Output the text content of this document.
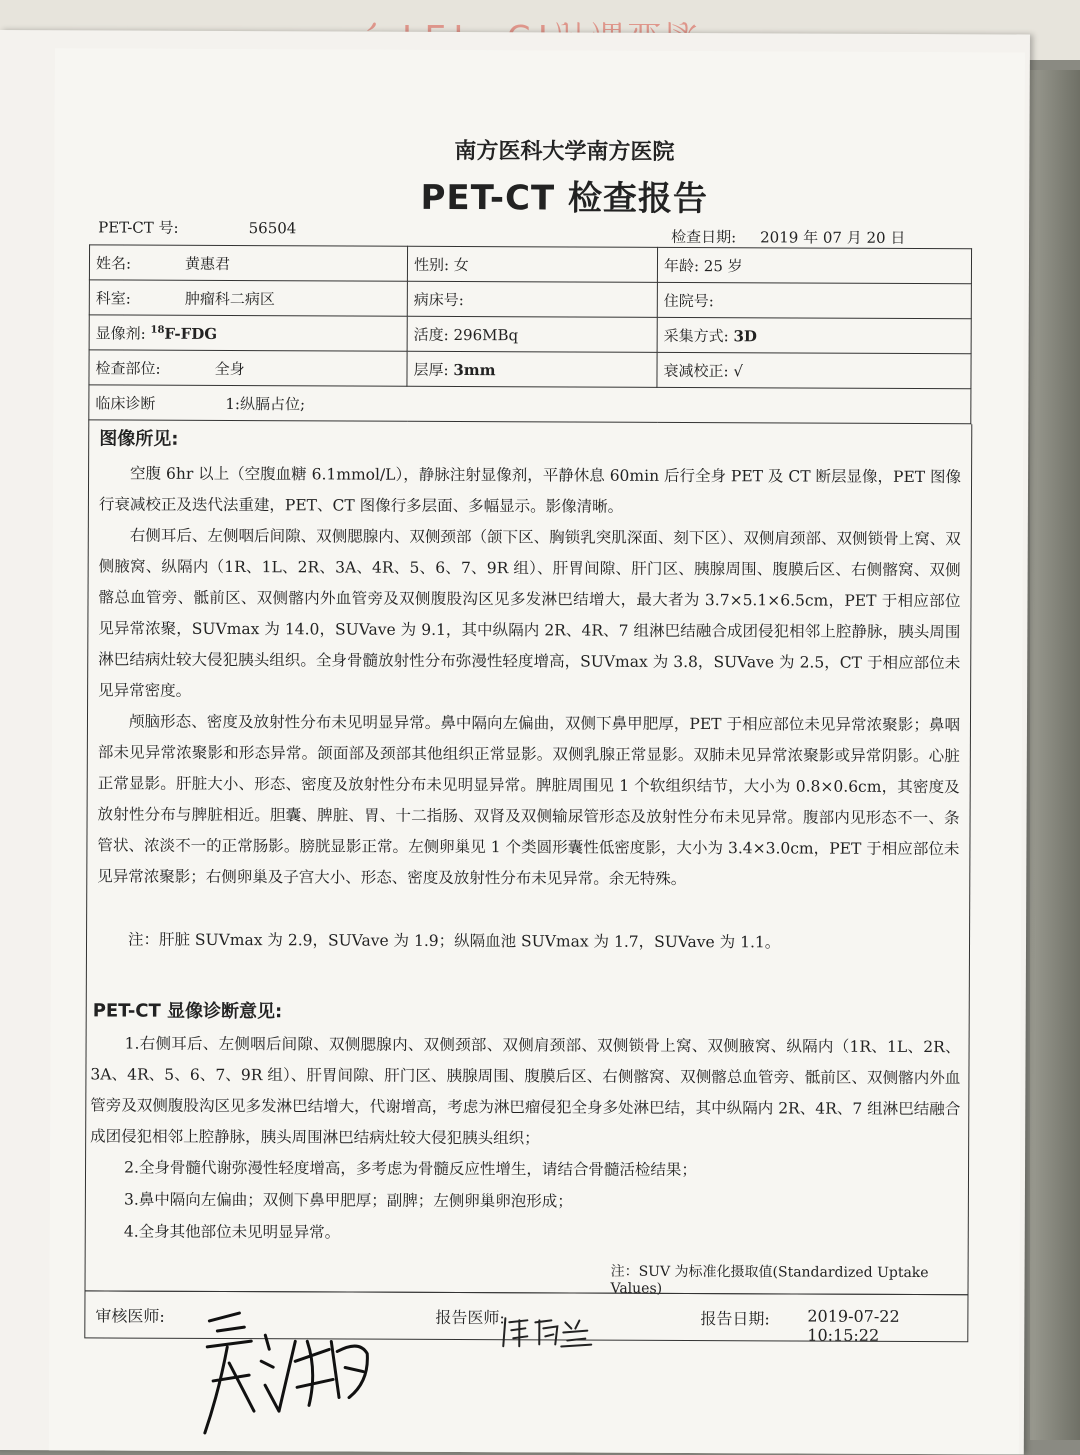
南方医科大学南方医院
PET-CT 检查报告
PET-CT 号:	56504	检查日期: 2019 年 07 月 20 日
姓名: 黄惠君	性别: 女	年龄: 25 岁
科室: 肿瘤科二病区	病床号:	住院号:
显像剂: $^{18}$F-FDG	活度: 296MBq	采集方式: 3D
检查部位: 全身	层厚: 3mm	衰减校正: √
临床诊断 1:纵膈占位;		
图像所见:

空腹 6hr 以上（空腹血糖 6.1mmol/L），静脉注射显像剂，平静休息 60min 后行全身 PET 及 CT 断层显像，PET 图像行衰减校正及迭代法重建，PET、CT 图像行多层面、多幅显示。影像清晰。

右侧耳后、左侧咽后间隙、双侧腮腺内、双侧颈部（颌下区、胸锁乳突肌深面、刻下区）、双侧肩颈部、双侧锁骨上窝、双侧腋窝、纵隔内（1R、1L、2R、3A、4R、5、6、7、9R 组）、肝胃间隙、肝门区、胰腺周围、腹膜后区、右侧髂窝、双侧髂总血管旁、骶前区、双侧髂内外血管旁及双侧腹股沟区见多发淋巴结增大，最大者为 3.7×5.1×6.5cm，PET 于相应部位见异常浓聚，SUVmax 为 14.0，SUVave 为 9.1，其中纵隔内 2R、4R、7 组淋巴结融合成团侵犯相邻上腔静脉，胰头周围淋巴结病灶较大侵犯胰头组织。全身骨髓放射性分布弥漫性轻度增高，SUVmax 为 3.8，SUVave 为 2.5，CT 于相应部位未见异常密度。

颅脑形态、密度及放射性分布未见明显异常。鼻中隔向左偏曲，双侧下鼻甲肥厚，PET 于相应部位未见异常浓聚影；鼻咽部未见异常浓聚影和形态异常。颌面部及颈部其他组织正常显影。双侧乳腺正常显影。双肺未见异常浓聚影或异常阴影。心脏正常显影。肝脏大小、形态、密度及放射性分布未见明显异常。脾脏周围见 1 个软组织结节，大小为 0.8×0.6cm，其密度及放射性分布与脾脏相近。胆囊、脾脏、胃、十二指肠、双肾及双侧输尿管形态及放射性分布未见异常。腹部内见形态不一、条管状、浓淡不一的正常肠影。膀胱显影正常。左侧卵巢见 1 个类圆形囊性低密度影，大小为 3.4×3.0cm，PET 于相应部位未见异常浓聚影；右侧卵巢及子宫大小、形态、密度及放射性分布未见异常。余无特殊。

注：肝脏 SUVmax 为 2.9，SUVave 为 1.9；纵隔血池 SUVmax 为 1.7，SUVave 为 1.1。

PET-CT 显像诊断意见:

1.右侧耳后、左侧咽后间隙、双侧腮腺内、双侧颈部、双侧肩颈部、双侧锁骨上窝、双侧腋窝、纵隔内（1R、1L、2R、3A、4R、5、6、7、9R 组）、肝胃间隙、肝门区、胰腺周围、腹膜后区、右侧髂窝、双侧髂总血管旁、骶前区、双侧髂内外血管旁及双侧腹股沟区见多发淋巴结增大，代谢增高，考虑为淋巴瘤侵犯全身多处淋巴结，其中纵隔内 2R、4R、7 组淋巴结融合成团侵犯相邻上腔静脉，胰头周围淋巴结病灶较大侵犯胰头组织；

2.全身骨髓代谢弥漫性轻度增高，多考虑为骨髓反应性增生，请结合骨髓活检结果；

3.鼻中隔向左偏曲；双侧下鼻甲肥厚；副脾；左侧卵巢卵泡形成；

4.全身其他部位未见明显异常。

注：SUV 为标准化摄取值(Standardized Uptake Values)
审核医师:	报告医师:	报告日期: 2019-07-22 10:15:22
